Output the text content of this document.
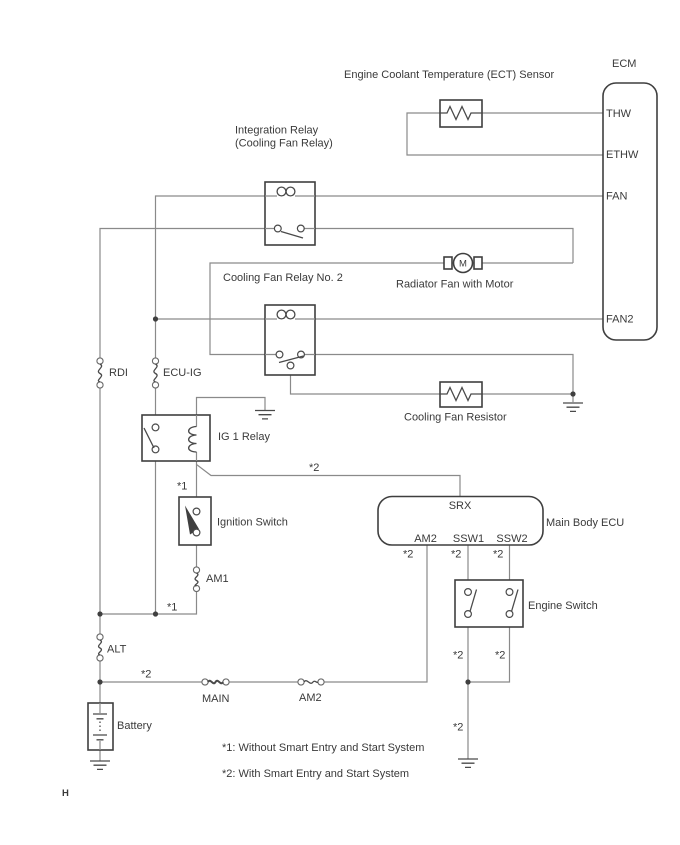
Engine Coolant Temperature (ECT) Sensor
ECM
THW
ETHW
FAN
FAN2
Integration Relay
(Cooling Fan Relay)
Cooling Fan Relay No. 2
Radiator Fan with Motor
M
Cooling Fan Resistor
RDI	ECU-IG
IG 1 Relay
*1
Ignition Switch
AM1
*1
*2
SRX
Main Body ECU
AM2 SSW1 SSW2
*2	*2	*2
Engine Switch
*2	*2
ALT
*2
MAIN	AM2
Battery	*2
*1: Without Smart Entry and Start System
*2: With Smart Entry and Start System
H
